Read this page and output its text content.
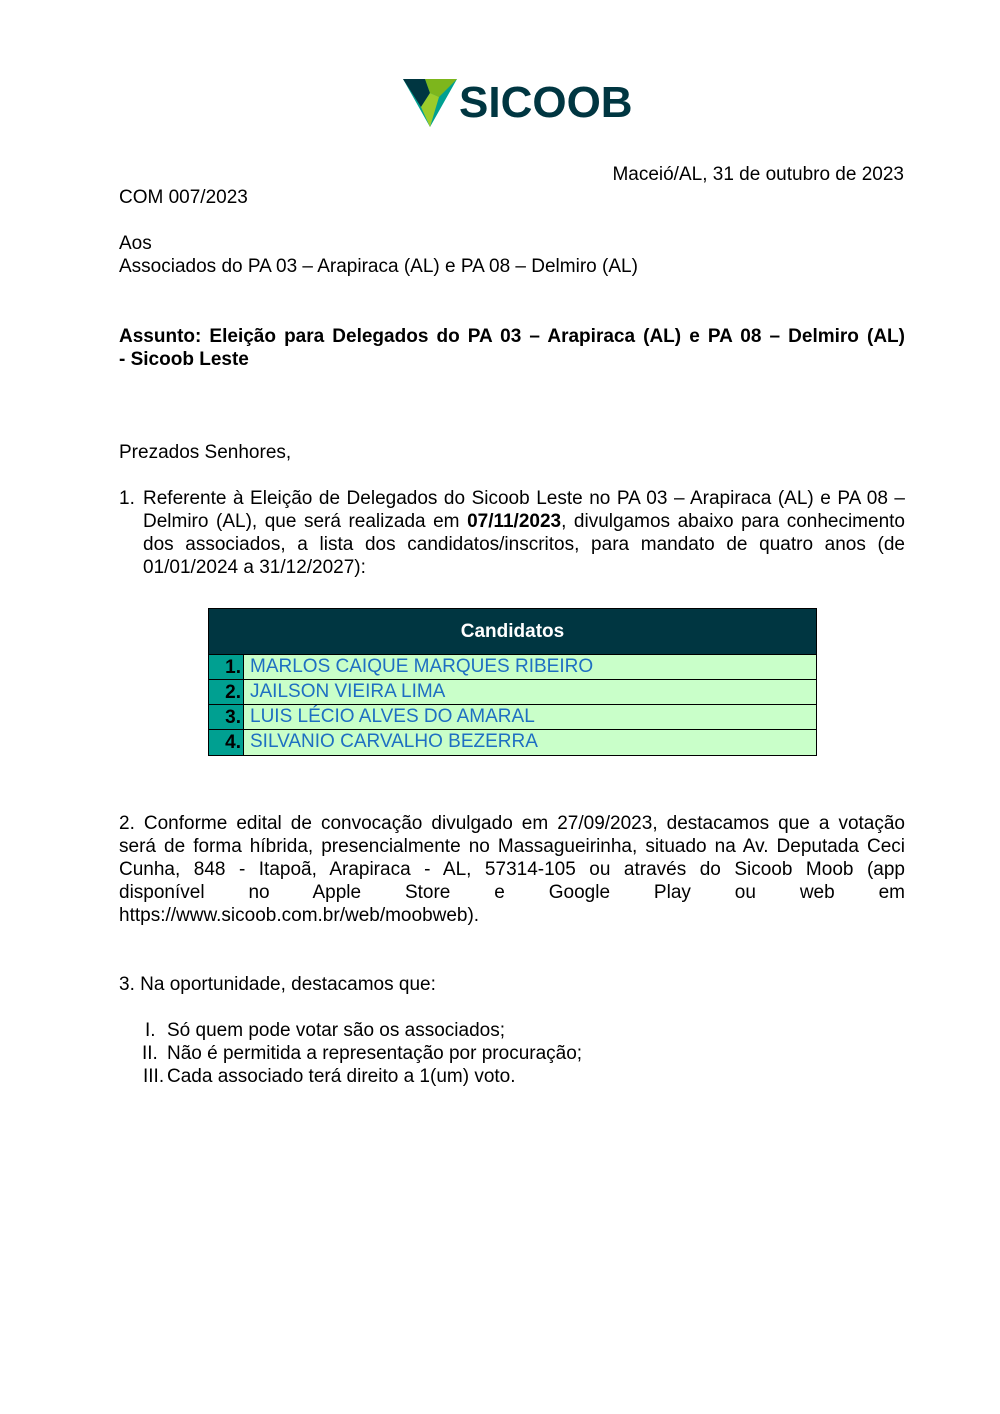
SICOOB
Maceió/AL, 31 de outubro de 2023
COM 007/2023
Aos
Associados do PA 03 – Arapiraca (AL) e PA 08 – Delmiro (AL)
Assunto: Eleição para Delegados do PA 03 – Arapiraca (AL) e PA 08 – Delmiro (AL)
- Sicoob Leste
Prezados Senhores,
1. Referente à Eleição de Delegados do Sicoob Leste no PA 03 – Arapiraca (AL) e PA 08 – Delmiro (AL), que será realizada em 07/11/2023, divulgamos abaixo para conhecimento dos associados, a lista dos candidatos/inscritos, para mandato de quatro anos (de 01/01/2024 a 31/12/2027):
Candidatos
1. MARLOS CAIQUE MARQUES RIBEIRO
2. JAILSON VIEIRA LIMA
3. LUIS LÉCIO ALVES DO AMARAL
4. SILVANIO CARVALHO BEZERRA
2. Conforme edital de convocação divulgado em 27/09/2023, destacamos que a votação será de forma híbrida, presencialmente no Massagueirinha, situado na Av. Deputada Ceci Cunha, 848 - Itapoã, Arapiraca - AL, 57314-105 ou através do Sicoob Moob (app
disponível no Apple Store e Google Play ou web em
https://www.sicoob.com.br/web/moobweb).
3. Na oportunidade, destacamos que:
I. Só quem pode votar são os associados;
II. Não é permitida a representação por procuração;
III. Cada associado terá direito a 1(um) voto.
